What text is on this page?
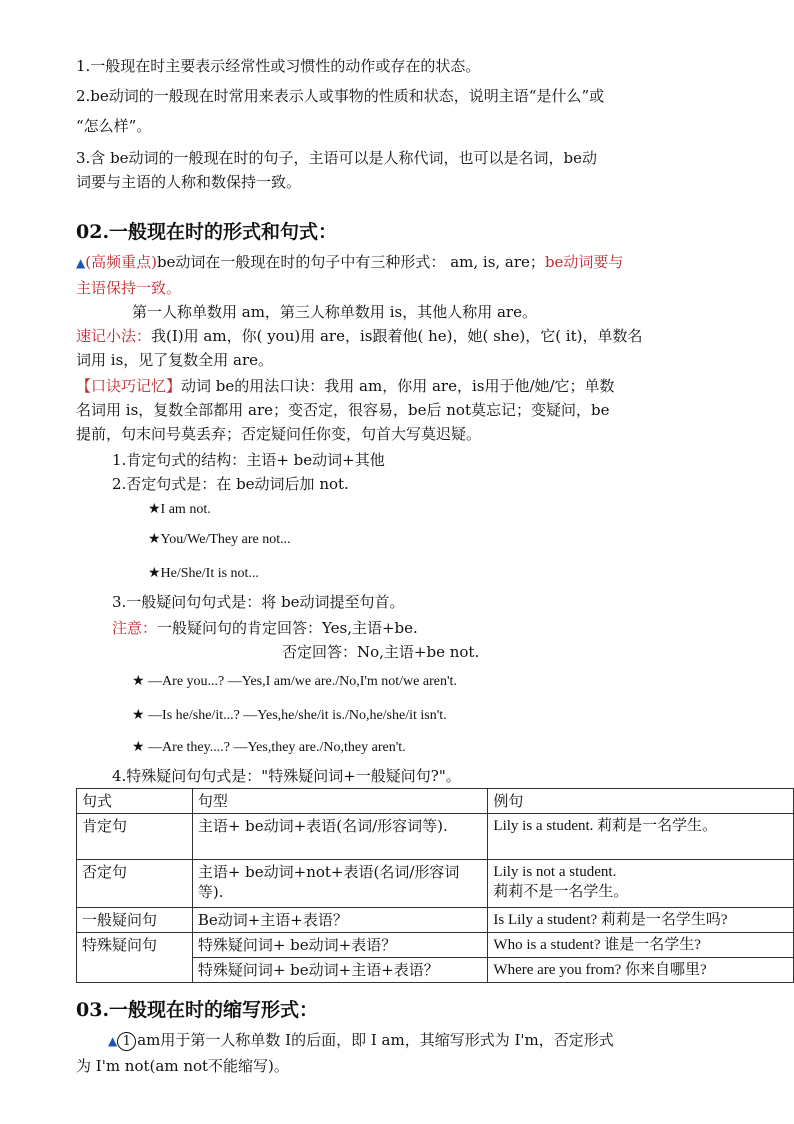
1.一般现在时主要表示经常性或习惯性的动作或存在的状态。
2.be动词的一般现在时常用来表示人或事物的性质和状态，说明主语“是什么”或
“怎么样”。
3.含 be动词的一般现在时的句子，主语可以是人称代词，也可以是名词，be动
词要与主语的人称和数保持一致。
02.一般现在时的形式和句式：
▲(高频重点)be动词在一般现在时的句子中有三种形式： am, is, are；be动词要与
主语保持一致。
第一人称单数用 am，第三人称单数用 is，其他人称用 are。
速记小法：我(I)用 am，你( you)用 are，is跟着他( he)，她( she)，它( it)，单数名
词用 is，见了复数全用 are。
【口诀巧记忆】动词 be的用法口诀：我用 am，你用 are，is用于他/她/它；单数
名词用 is，复数全部都用 are；变否定，很容易，be后 not莫忘记；变疑问，be
提前，句末问号莫丢弃；否定疑问任你变，句首大写莫迟疑。
1.肯定句式的结构：主语+ be动词+其他
2.否定句式是：在 be动词后加 not.
★I am not.
★You/We/They are not...
★He/She/It is not...
3.一般疑问句句式是：将 be动词提至句首。
注意：一般疑问句的肯定回答：Yes,主语+be.
否定回答：No,主语+be not.
★ —Are you...? —Yes,I am/we are./No,I'm not/we aren't.
★ —Is he/she/it...? —Yes,he/she/it is./No,he/she/it isn't.
★ —Are they....? —Yes,they are./No,they aren't.
4.特殊疑问句句式是："特殊疑问词+一般疑问句?"。
句式	句型	例句
肯定句	主语+ be动词+表语(名词/形容词等).	Lily is a student. 莉莉是一名学生。
否定句	主语+ be动词+not+表语(名词/形容词等).	Lily is not a student.
莉莉不是一名学生。
一般疑问句	Be动词+主语+表语？	Is Lily a student? 莉莉是一名学生吗?
特殊疑问句	特殊疑问词+ be动词+表语？	Who is a student? 谁是一名学生?
	特殊疑问词+ be动词+主语+表语？	Where are you from? 你来自哪里?
03.一般现在时的缩写形式：
▲ 1 am用于第一人称单数 I的后面，即 I am，其缩写形式为 I'm，否定形式
为 I'm not(am not不能缩写)。
